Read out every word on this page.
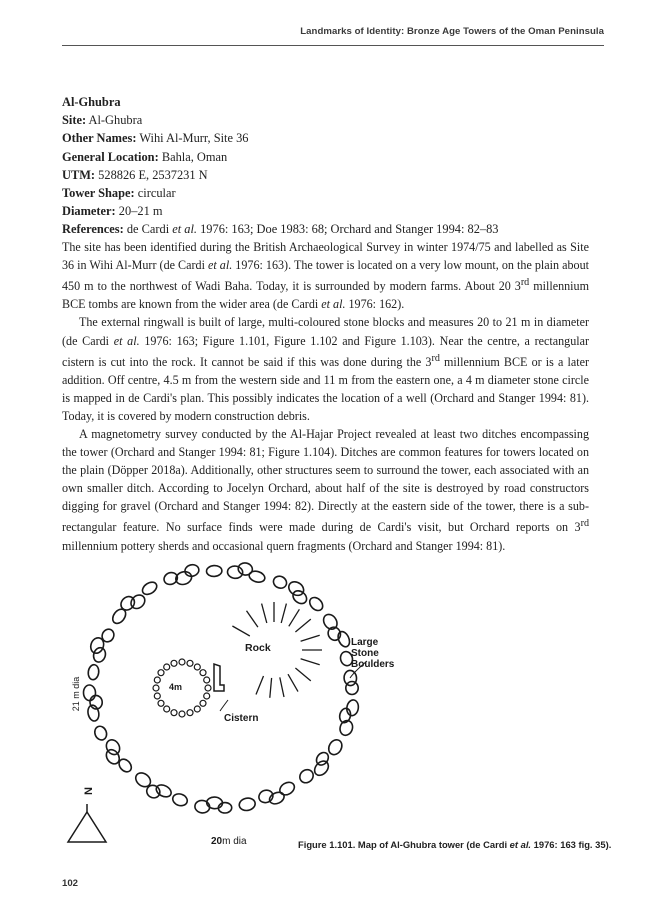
Landmarks of Identity: Bronze Age Towers of the Oman Peninsula
Al-Ghubra
Site: Al-Ghubra
Other Names: Wihi Al-Murr, Site 36
General Location: Bahla, Oman
UTM: 528826 E, 2537231 N
Tower Shape: circular
Diameter: 20–21 m
References: de Cardi et al. 1976: 163; Doe 1983: 68; Orchard and Stanger 1994: 82–83

The site has been identified during the British Archaeological Survey in winter 1974/75 and labelled as Site 36 in Wihi Al-Murr (de Cardi et al. 1976: 163). The tower is located on a very low mount, on the plain about 450 m to the northwest of Wadi Baha. Today, it is surrounded by modern farms. About 20 3rd millennium BCE tombs are known from the wider area (de Cardi et al. 1976: 162).

The external ringwall is built of large, multi-coloured stone blocks and measures 20 to 21 m in diameter (de Cardi et al. 1976: 163; Figure 1.101, Figure 1.102 and Figure 1.103). Near the centre, a rectangular cistern is cut into the rock. It cannot be said if this was done during the 3rd millennium BCE or is a later addition. Off centre, 4.5 m from the western side and 11 m from the eastern one, a 4 m diameter stone circle is mapped in de Cardi's plan. This possibly indicates the location of a well (Orchard and Stanger 1994: 81). Today, it is covered by modern construction debris.

A magnetometry survey conducted by the Al-Hajar Project revealed at least two ditches encompassing the tower (Orchard and Stanger 1994: 81; Figure 1.104). Ditches are common features for towers located on the plain (Döpper 2018a). Additionally, other structures seem to surround the tower, each associated with an own smaller ditch. According to Jocelyn Orchard, about half of the site is destroyed by road constructors digging for gravel (Orchard and Stanger 1994: 82). Directly at the eastern side of the tower, there is a sub-rectangular feature. No surface finds were made during de Cardi's visit, but Orchard reports on 3rd millennium pottery sherds and occasional quern fragments (Orchard and Stanger 1994: 81).

Rock	Large
Stone
Boulders
Cistern
4m
21 m dia
20m dia
N
Figure 1.101. Map of Al-Ghubra tower (de Cardi et al. 1976: 163 fig. 35).
102
